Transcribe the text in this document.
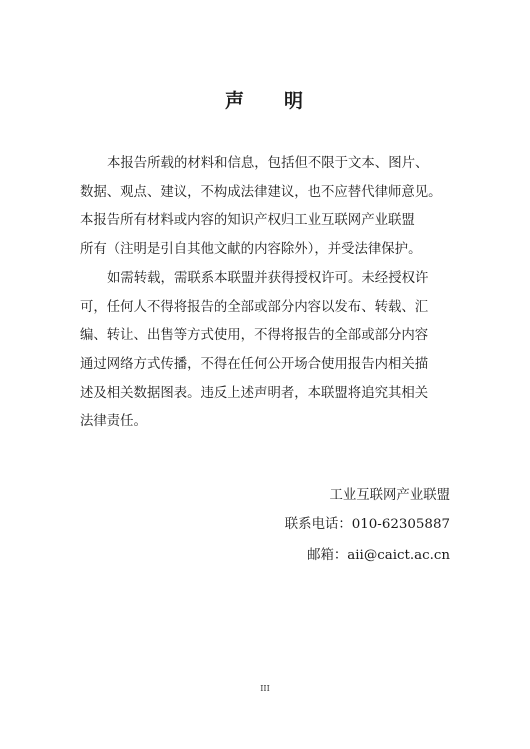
声 明

本报告所载的材料和信息，包括但不限于文本、图片、
数据、观点、建议，不构成法律建议，也不应替代律师意见。
本报告所有材料或内容的知识产权归工业互联网产业联盟
所有（注明是引自其他文献的内容除外），并受法律保护。

如需转载，需联系本联盟并获得授权许可。未经授权许
可，任何人不得将报告的全部或部分内容以发布、转载、汇
编、转让、出售等方式使用，不得将报告的全部或部分内容
通过网络方式传播，不得在任何公开场合使用报告内相关描
述及相关数据图表。违反上述声明者，本联盟将追究其相关
法律责任。

工业互联网产业联盟
联系电话：010-62305887
邮箱：aii@caict.ac.cn
III
